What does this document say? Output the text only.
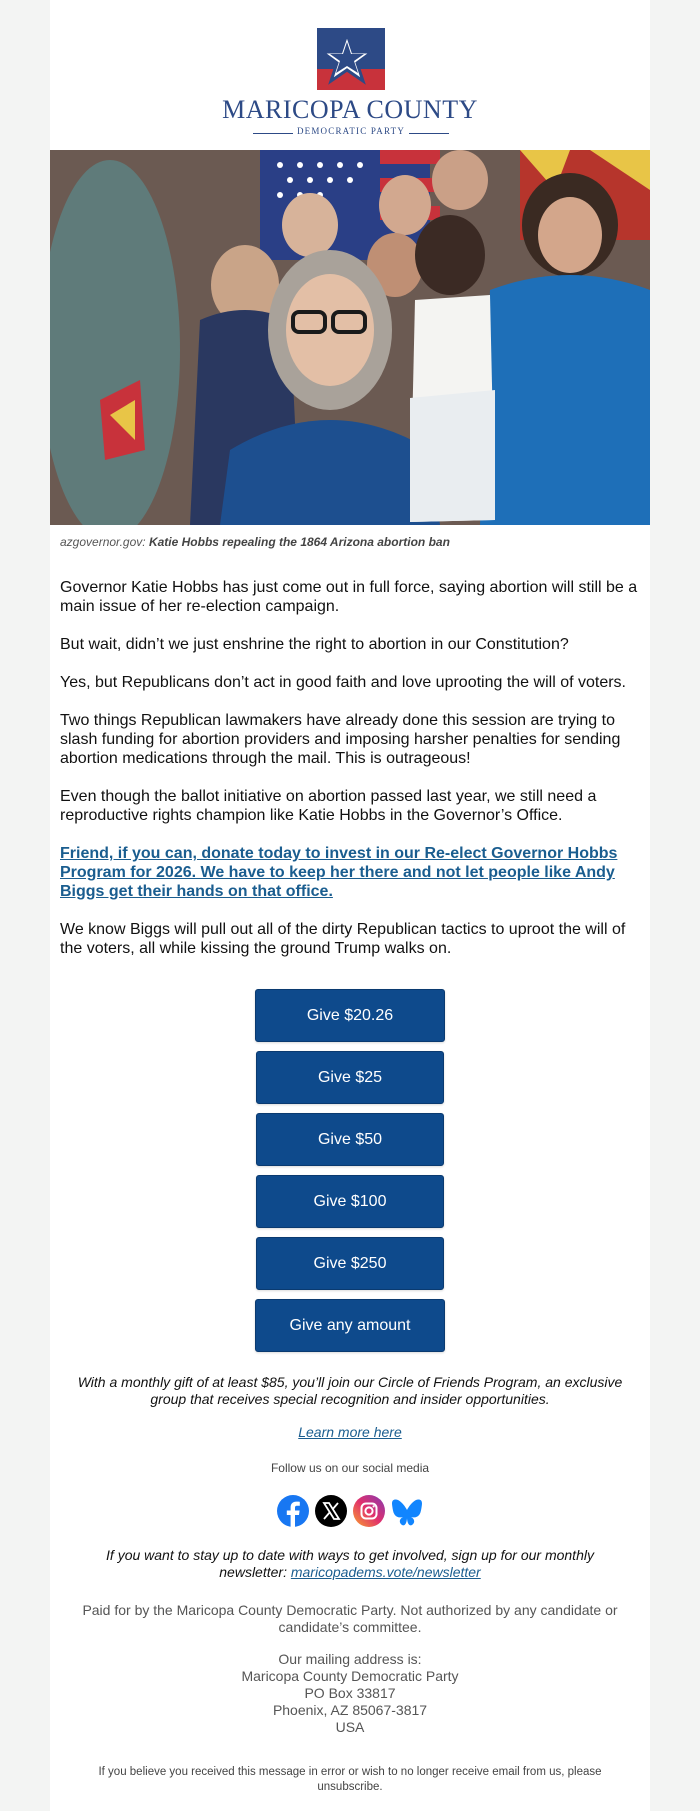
MARICOPA COUNTY
DEMOCRATIC PARTY
azgovernor.gov: Katie Hobbs repealing the 1864 Arizona abortion ban

Governor Katie Hobbs has just come out in full force, saying abortion will still be a main issue of her re-election campaign.

But wait, didn’t we just enshrine the right to abortion in our Constitution?

Yes, but Republicans don’t act in good faith and love uprooting the will of voters.

Two things Republican lawmakers have already done this session are trying to slash funding for abortion providers and imposing harsher penalties for sending abortion medications through the mail. This is outrageous!

Even though the ballot initiative on abortion passed last year, we still need a reproductive rights champion like Katie Hobbs in the Governor’s Office.

Friend, if you can, donate today to invest in our Re-elect Governor Hobbs Program for 2026. We have to keep her there and not let people like Andy Biggs get their hands on that office.

We know Biggs will pull out all of the dirty Republican tactics to uproot the will of the voters, all while kissing the ground Trump walks on.

Give $20.26
Give $25
Give $50
Give $100
Give $250
Give any amount
With a monthly gift of at least $85, you’ll join our Circle of Friends Program, an exclusive group that receives special recognition and insider opportunities.
Learn more here
Follow us on our social media
If you want to stay up to date with ways to get involved, sign up for our monthly newsletter: maricopadems.vote/newsletter
Paid for by the Maricopa County Democratic Party. Not authorized by any candidate or candidate’s committee.
Our mailing address is:
Maricopa County Democratic Party
PO Box 33817
Phoenix, AZ 85067-3817
USA
If you believe you received this message in error or wish to no longer receive email from us, please unsubscribe.
